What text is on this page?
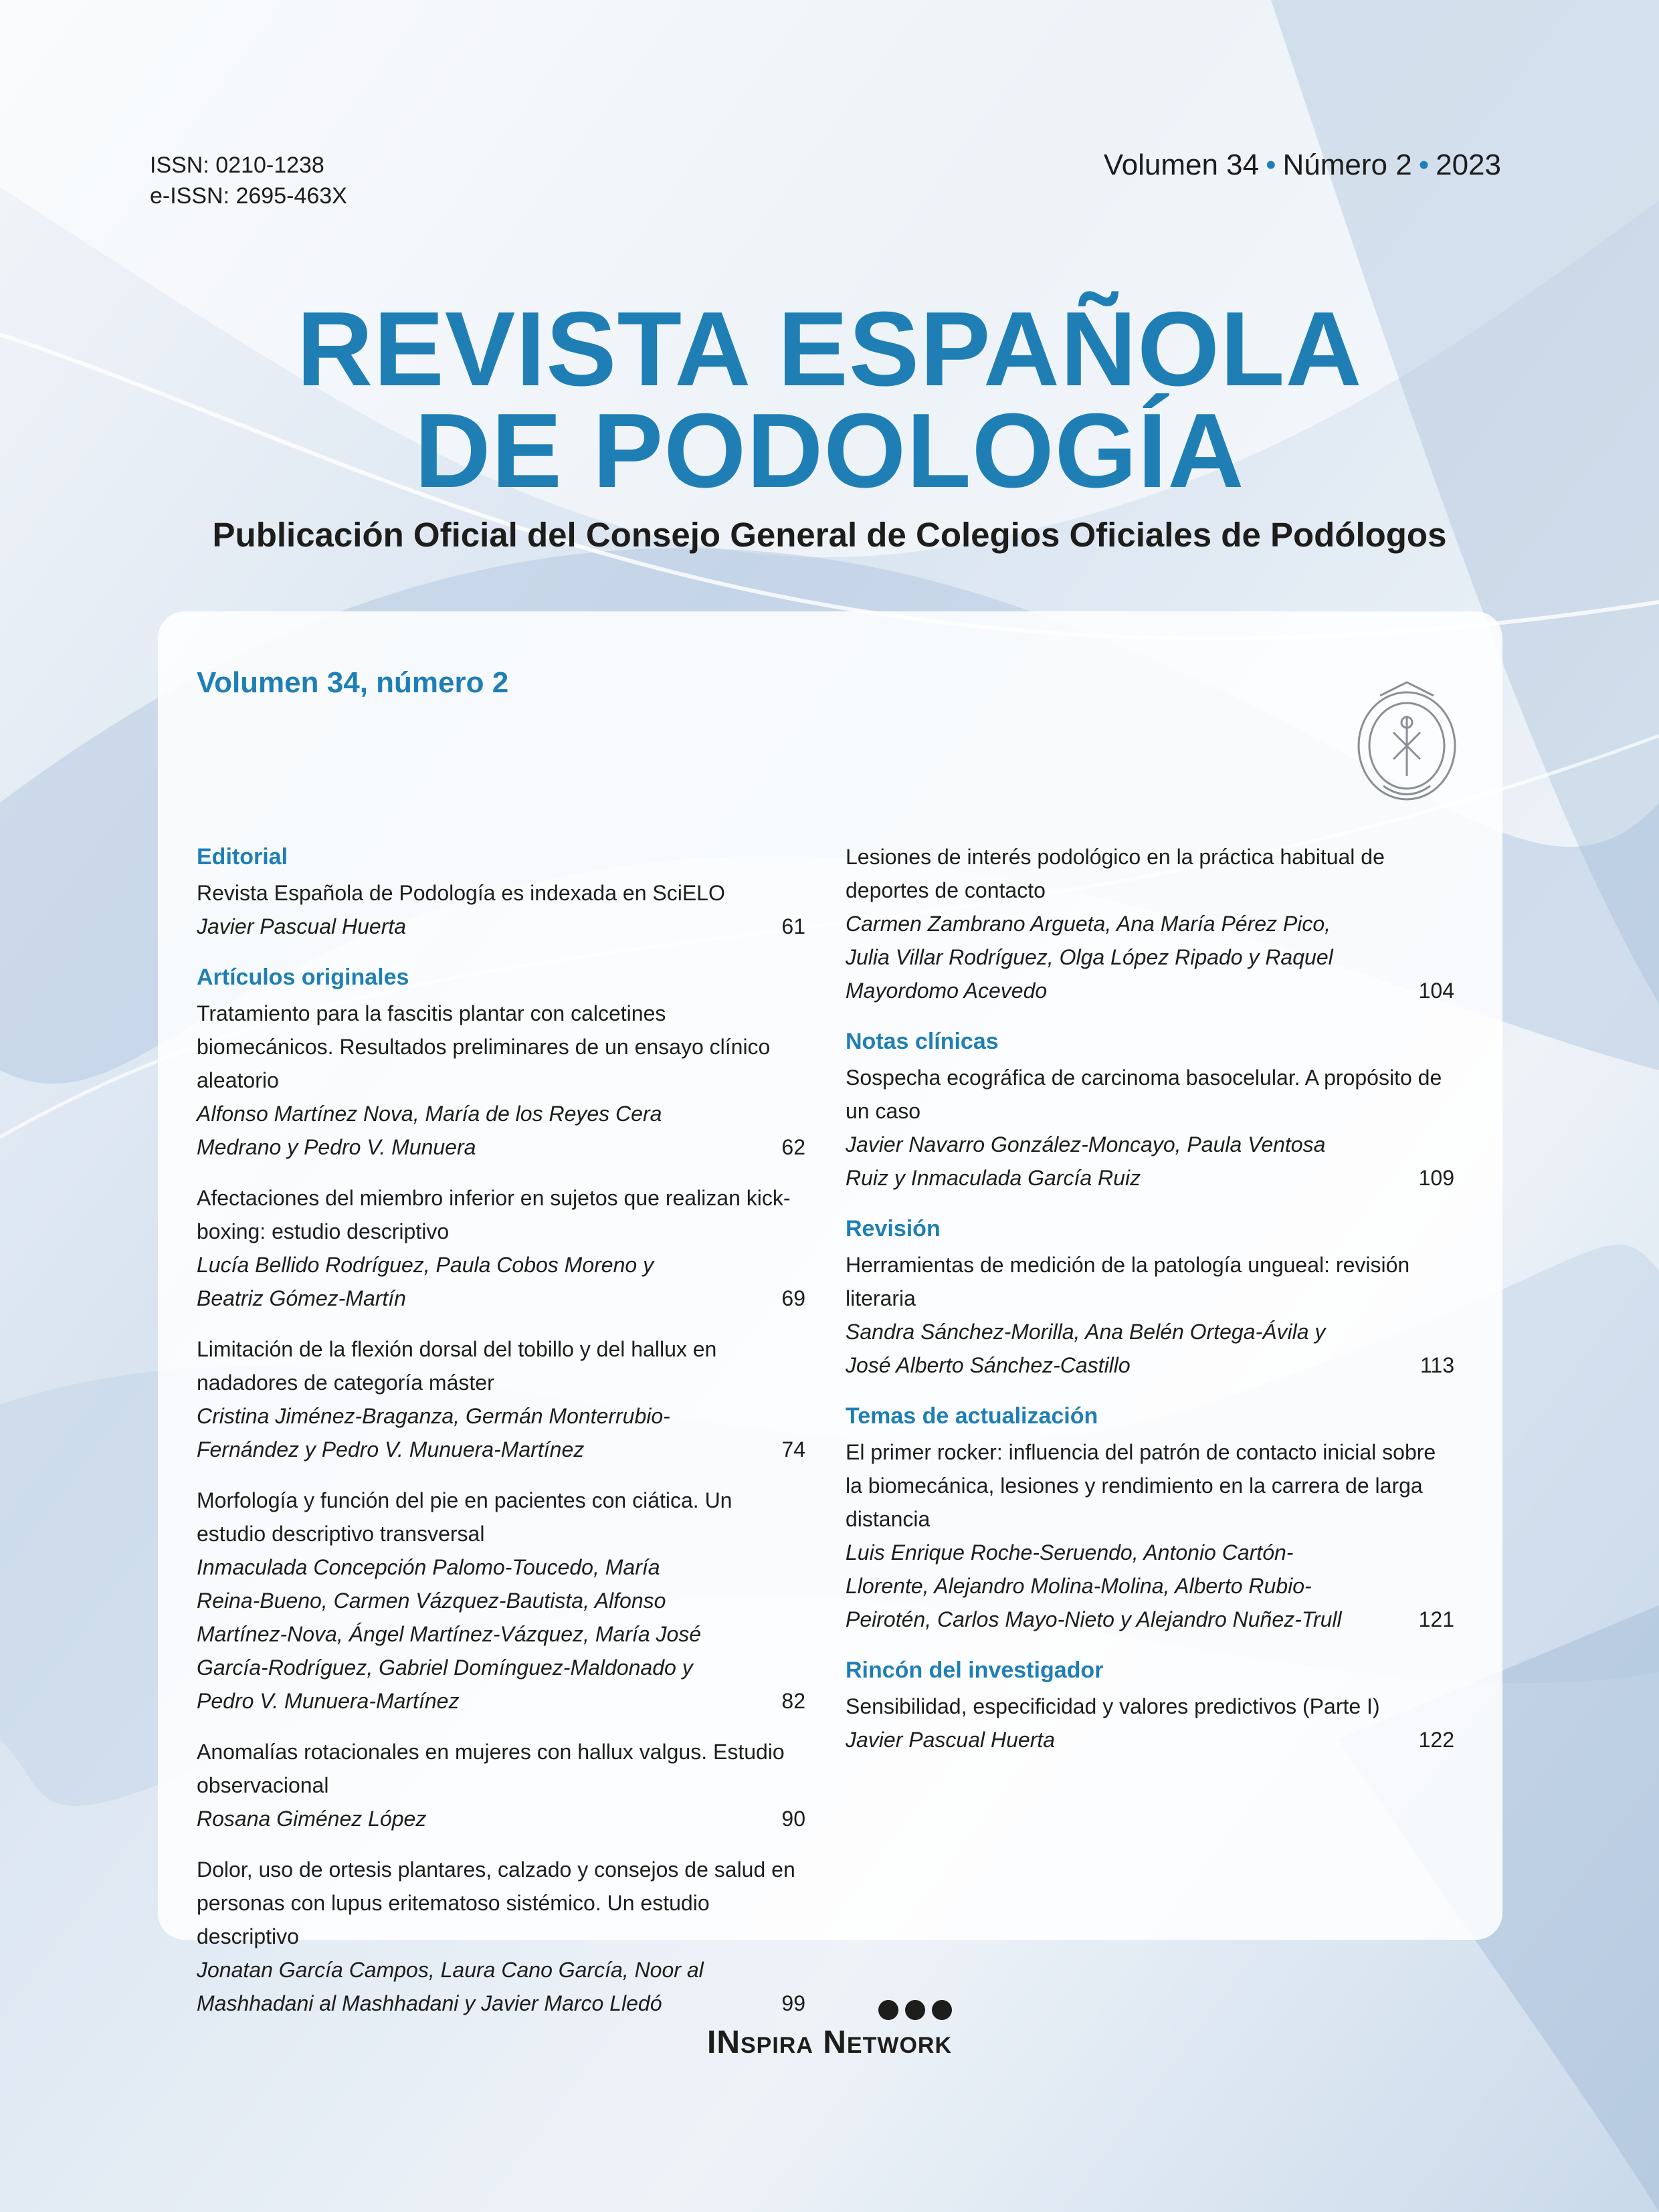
ISSN: 0210-1238
e-ISSN: 2695-463X
Volumen 34 • Número 2 • 2023
REVISTA ESPAÑOLA
DE PODOLOGÍA
Publicación Oficial del Consejo General de Colegios Oficiales de Podólogos
Volumen 34, número 2
Editorial
Revista Española de Podología es indexada en SciELO
Javier Pascual Huerta	61
Artículos originales
Tratamiento para la fascitis plantar con calcetines biomecánicos. Resultados preliminares de un ensayo clínico aleatorio
Alfonso Martínez Nova, María de los Reyes Cera Medrano y Pedro V. Munuera	62
Afectaciones del miembro inferior en sujetos que realizan kick-boxing: estudio descriptivo
Lucía Bellido Rodríguez, Paula Cobos Moreno y Beatriz Gómez-Martín	69
Limitación de la flexión dorsal del tobillo y del hallux en nadadores de categoría máster
Cristina Jiménez-Braganza, Germán Monterrubio-Fernández y Pedro V. Munuera-Martínez	74
Morfología y función del pie en pacientes con ciática. Un estudio descriptivo transversal
Inmaculada Concepción Palomo-Toucedo, María Reina-Bueno, Carmen Vázquez-Bautista, Alfonso Martínez-Nova, Ángel Martínez-Vázquez, María José García-Rodríguez, Gabriel Domínguez-Maldonado y Pedro V. Munuera-Martínez	82
Anomalías rotacionales en mujeres con hallux valgus. Estudio observacional
Rosana Giménez López	90
Dolor, uso de ortesis plantares, calzado y consejos de salud en personas con lupus eritematoso sistémico. Un estudio descriptivo
Jonatan García Campos, Laura Cano García, Noor al Mashhadani al Mashhadani y Javier Marco Lledó	99
Lesiones de interés podológico en la práctica habitual de deportes de contacto
Carmen Zambrano Argueta, Ana María Pérez Pico, Julia Villar Rodríguez, Olga López Ripado y Raquel Mayordomo Acevedo	104
Notas clínicas
Sospecha ecográfica de carcinoma basocelular. A propósito de un caso
Javier Navarro González-Moncayo, Paula Ventosa Ruiz y Inmaculada García Ruiz	109
Revisión
Herramientas de medición de la patología ungueal: revisión literaria
Sandra Sánchez-Morilla, Ana Belén Ortega-Ávila y José Alberto Sánchez-Castillo	113
Temas de actualización
El primer rocker: influencia del patrón de contacto inicial sobre la biomecánica, lesiones y rendimiento en la carrera de larga distancia
Luis Enrique Roche-Seruendo, Antonio Cartón-Llorente, Alejandro Molina-Molina, Alberto Rubio-Peirotén, Carlos Mayo-Nieto y Alejandro Nuñez-Trull	121
Rincón del investigador
Sensibilidad, especificidad y valores predictivos (Parte I)
Javier Pascual Huerta	122
INspira Network
